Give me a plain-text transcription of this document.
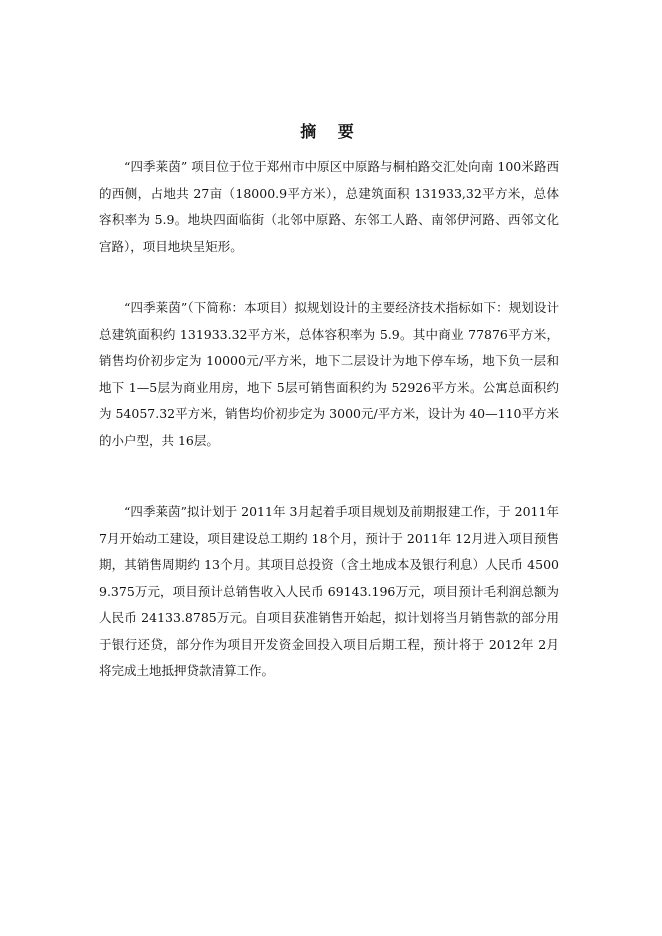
摘 要

“四季莱茵” 项目位于位于郑州市中原区中原路与桐柏路交汇处向南 100米路西的西侧，占地共 27亩（18000.9平方米），总建筑面积 131933,32平方米，总体容积率为 5.9。地块四面临街（北邻中原路、东邻工人路、南邻伊河路、西邻文化宫路），项目地块呈矩形。

“四季莱茵”（下简称：本项目）拟规划设计的主要经济技术指标如下：规划设计总建筑面积约 131933.32平方米，总体容积率为 5.9。其中商业 77876平方米，销售均价初步定为 10000元/平方米，地下二层设计为地下停车场，地下负一层和地下 1—5层为商业用房，地下 5层可销售面积约为 52926平方米。公寓总面积约为 54057.32平方米，销售均价初步定为 3000元/平方米，设计为 40—110平方米的小户型，共 16层。

“四季莱茵”拟计划于 2011年 3月起着手项目规划及前期报建工作，于 2011年 7月开始动工建设，项目建设总工期约 18个月，预计于 2011年 12月进入项目预售期，其销售周期约 13个月。其项目总投资（含土地成本及银行利息）人民币 45009.375万元，项目预计总销售收入人民币 69143.196万元，项目预计毛利润总额为人民币 24133.8785万元。自项目获准销售开始起，拟计划将当月销售款的部分用于银行还贷，部分作为项目开发资金回投入项目后期工程，预计将于 2012年 2月将完成土地抵押贷款清算工作。
